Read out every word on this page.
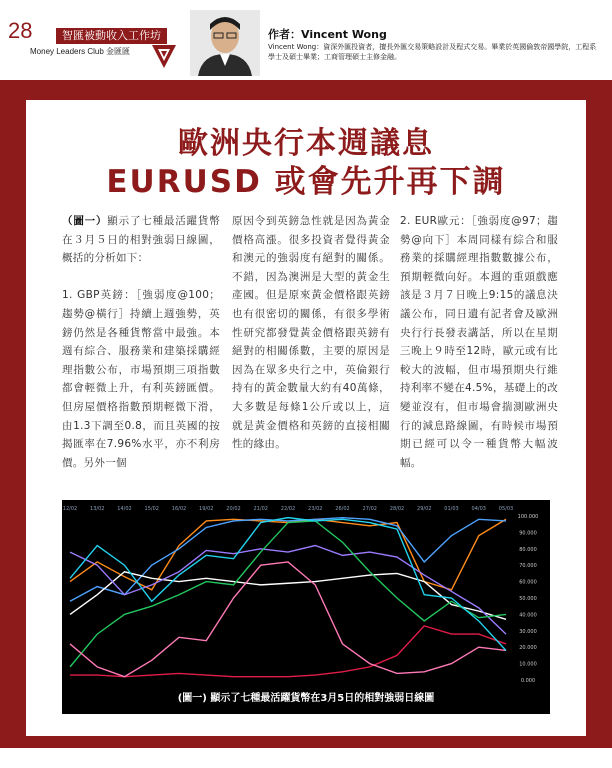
28	智匯被動收入工作坊
Money Leaders Club 金匯匯
作者：Vincent Wong
Vincent Wong：資深外匯投資者，擅長外匯交易策略設計及程式交易。畢業於英國倫敦帝國學院，工程系學士及碩士畢業；工商管理碩士主修金融。
歐洲央行本週議息
EURUSD 或會先升再下調

（圖一）顯示了七種最活躍貨幣在３月５日的相對強弱日線圖，概括的分析如下：

1. GBP英鎊：［強弱度@100；趨勢@橫行］持續上週強勢，英鎊仍然是各種貨幣當中最強。本週有綜合、服務業和建築採購經理指數公布，市場預期三項指數都會輕微上升，有利英鎊匯價。但房屋價格指數預期輕微下滑，由1.3下調至0.8，而且英國的按揭匯率在7.96%水平，亦不利房價。另外一個

原因令到英鎊急性就是因為黃金價格高漲。很多投資者覺得黃金和澳元的強弱度有絕對的關係。不錯，因為澳洲是大型的黃金生產國。但是原來黃金價格跟英鎊也有很密切的關係，有很多學術性研究都發覺黃金價格跟英鎊有絕對的相關係數，主要的原因是因為在眾多央行之中，英倫銀行持有的黃金數量大約有40萬條，大多數是每條1公斤或以上，這就是黃金價格和英鎊的直接相關性的緣由。

2. EUR歐元：［強弱度@97；趨勢@向下］本周同樣有綜合和服務業的採購經理指數數據公布，預期輕微向好。本週的重頭戲應該是３月７日晚上9:15的議息決議公布，同日遺有記者會及歐洲央行行長發表講話，所以在星期三晚上９時至12時，歐元或有比較大的波幅，但市場預期央行維持利率不變在4.5%，基礎上的改變並沒有，但市場會揣測歐洲央行的減息路線圖，有時候市場預期已經可以令一種貨幣大幅波幅。

12/02	13/02	14/02	15/02	16/02	19/02	20/02	21/02	22/02	23/02	26/02	27/02	28/02	29/02	01/03	04/03	05/03
0.000
10.000
20.000
30.000
40.000
50.000
60.000
70.000
80.000
90.000
100.000
(圖一) 顯示了七種最活躍貨幣在3月5日的相對強弱日線圖
